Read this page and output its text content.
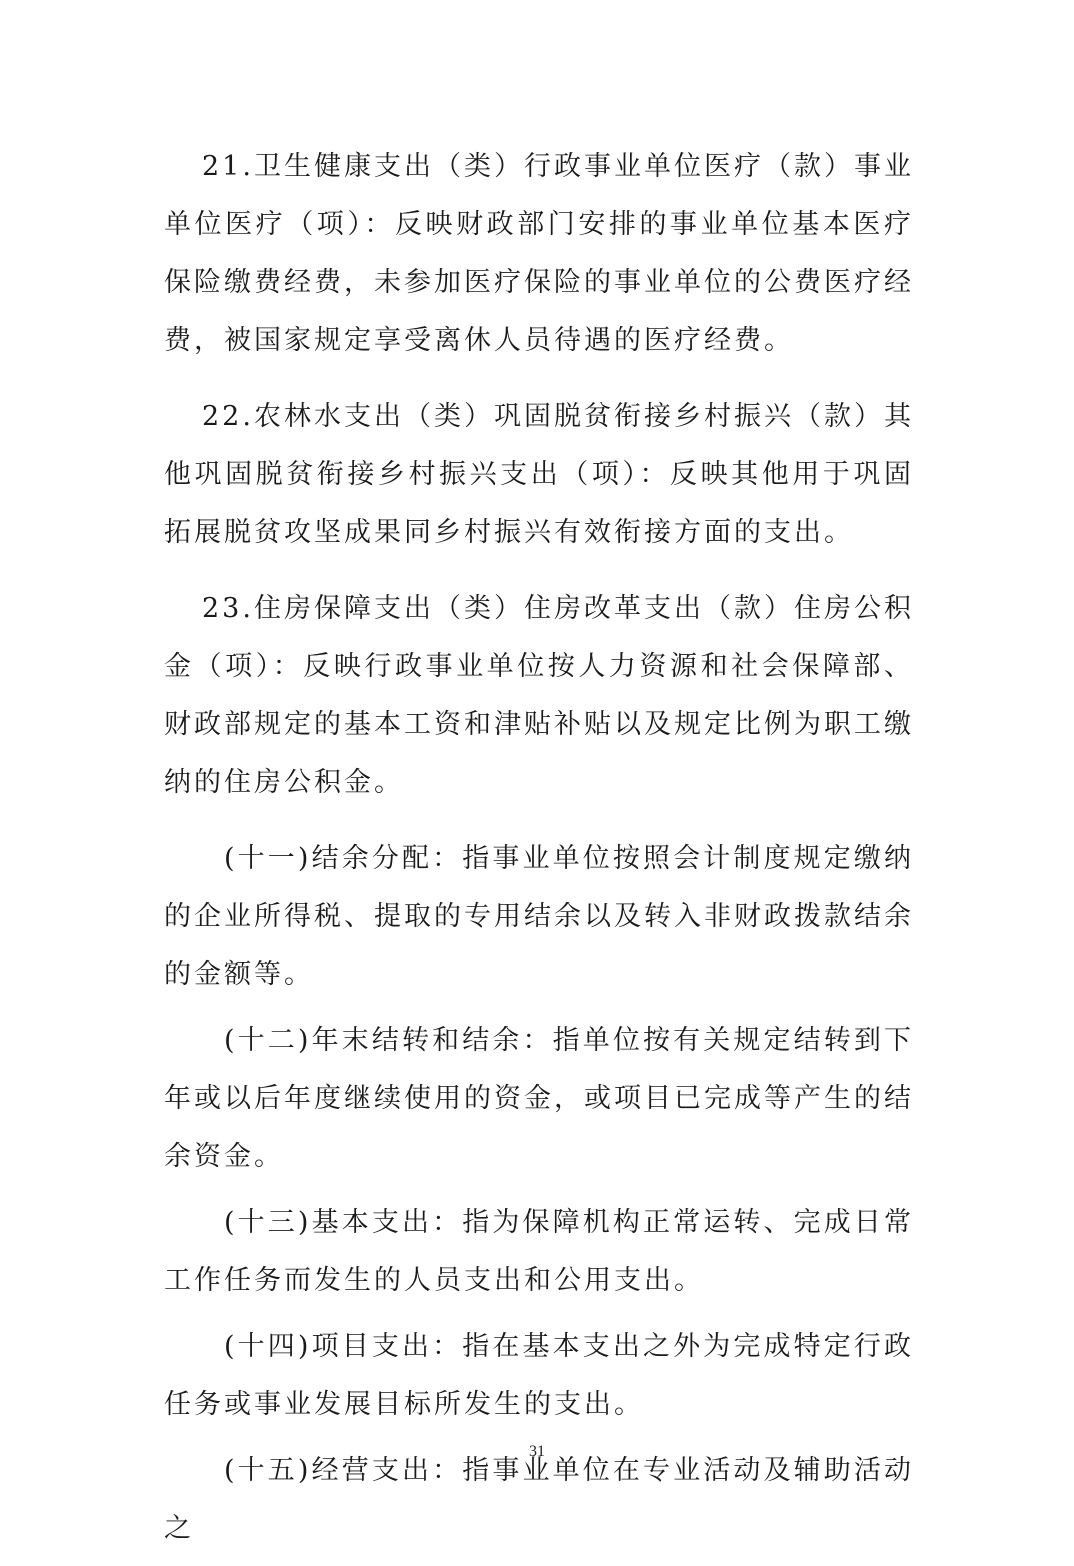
21.卫生健康支出（类）行政事业单位医疗（款）事业单位医疗（项）：反映财政部门安排的事业单位基本医疗保险缴费经费，未参加医疗保险的事业单位的公费医疗经费，被国家规定享受离休人员待遇的医疗经费。

22.农林水支出（类）巩固脱贫衔接乡村振兴（款）其他巩固脱贫衔接乡村振兴支出（项）：反映其他用于巩固拓展脱贫攻坚成果同乡村振兴有效衔接方面的支出。

23.住房保障支出（类）住房改革支出（款）住房公积金（项）：反映行政事业单位按人力资源和社会保障部、财政部规定的基本工资和津贴补贴以及规定比例为职工缴纳的住房公积金。

(十一)结余分配：指事业单位按照会计制度规定缴纳的企业所得税、提取的专用结余以及转入非财政拨款结余的金额等。

(十二)年末结转和结余：指单位按有关规定结转到下年或以后年度继续使用的资金，或项目已完成等产生的结余资金。

(十三)基本支出：指为保障机构正常运转、完成日常工作任务而发生的人员支出和公用支出。

(十四)项目支出：指在基本支出之外为完成特定行政任务或事业发展目标所发生的支出。

(十五)经营支出：指事业单位在专业活动及辅助活动之

31
